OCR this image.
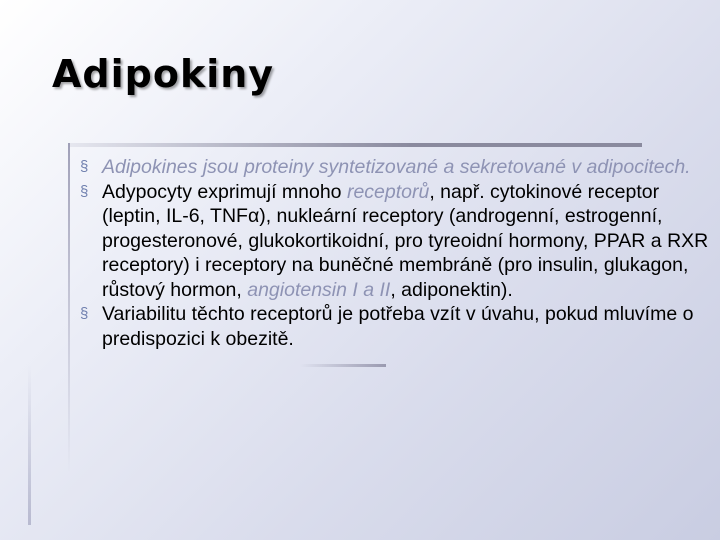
Adipokiny
§ Adipokines jsou proteiny syntetizované a sekretované v adipocitech.
§ Adypocyty exprimují mnoho receptorů, např. cytokinové receptor (leptin, IL-6, TNFα), nukleární receptory (androgenní, estrogenní, progesteronové, glukokortikoidní, pro tyreoidní hormony, PPAR a RXR receptory) i receptory na buněčné membráně (pro insulin, glukagon, růstový hormon, angiotensin I a II, adiponektin).
§ Variabilitu těchto receptorů je potřeba vzít v úvahu, pokud mluvíme o predispozici k obezitě.
